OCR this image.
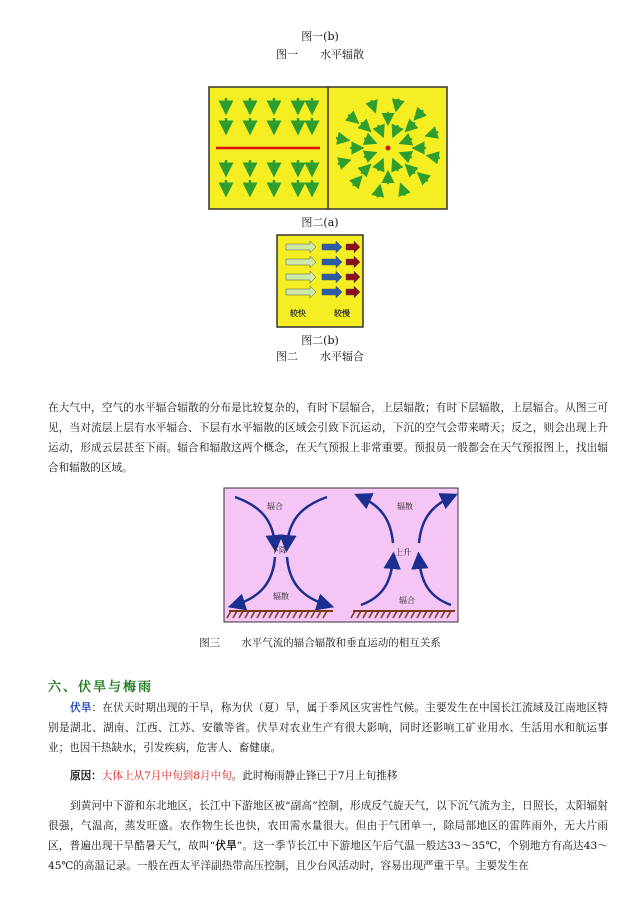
图一(b)
图一　　水平辐散
图二(a)
较快	较慢
图二(b)
图二　　水平辐合
在大气中，空气的水平辐合辐散的分布是比较复杂的，有时下层辐合，上层辐散；有时下层辐散，上层辐合。从图三可见，当对流层上层有水平辐合、下层有水平辐散的区域会引致下沉运动，下沉的空气会带来晴天；反之，则会出现上升运动，形成云层甚至下雨。辐合和辐散这两个概念，在天气预报上非常重要。预报员一般都会在天气预报图上，找出辐合和辐散的区域。
辐合
下降
辐散
辐散
上升
辐合
图三　　水平气流的辐合辐散和垂直运动的相互关系
六、伏旱与梅雨
伏旱：在伏天时期出现的干旱，称为伏（夏）旱，属于季风区灾害性气候。主要发生在中国长江流域及江南地区特别是湖北、湖南、江西、江苏、安徽等省。伏旱对农业生产有很大影响，同时还影响工矿业用水、生活用水和航运事业；也因干热缺水，引发疾病，危害人、畜健康。
原因：大体上从7月中旬到8月中旬。此时梅雨静止锋已于7月上旬推移
到黄河中下游和东北地区，长江中下游地区被“副高”控制，形成反气旋天气，以下沉气流为主，日照长，太阳辐射很强，气温高，蒸发旺盛。农作物生长也快，农田需水量很大。但由于气团单一，除局部地区的雷阵雨外，无大片雨区，普遍出现干旱酷暑天气，故叫“伏旱”。这一季节长江中下游地区午后气温一般达33～35℃，个别地方有高达43～45℃的高温记录。一般在西太平洋副热带高压控制，且少台风活动时，容易出现严重干旱。主要发生在
